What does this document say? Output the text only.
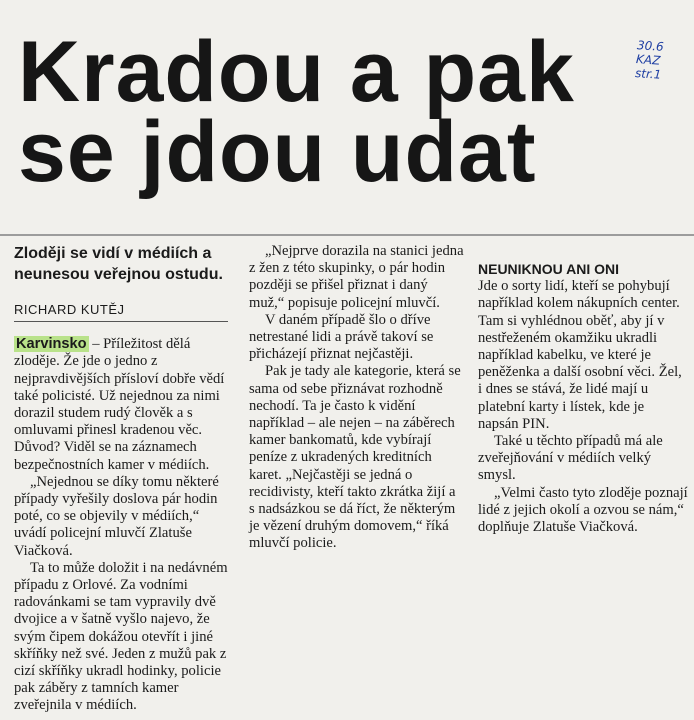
Kradou a pak
se jdou udat
30.6
KAZ
str.1

Zloději se vidí v médiích a neunesou veřejnou ostudu.

RICHARD KUTĚJ

Karvinsko – Příležitost dělá zloděje. Že jde o jedno z nejpravdivějších přísloví dobře vědí také policisté. Už nejednou za nimi dorazil studem rudý člověk a s omluvami přinesl kradenou věc. Důvod? Viděl se na záznamech bezpečnostních kamer v médiích.

„Nejednou se díky tomu některé případy vyřešily doslova pár hodin poté, co se objevily v médiích,“ uvádí policejní mluvčí Zlatuše Viačková.

Ta to může doložit i na nedávném případu z Orlové. Za vodními radovánkami se tam vypravily dvě dvojice a v šatně vyšlo najevo, že svým čipem dokážou otevřít i jiné skříňky než své. Jeden z mužů pak z cizí skříňky ukradl hodinky, policie pak záběry z tamních kamer zveřejnila v médiích.

„Nejprve dorazila na stanici jedna z žen z této skupinky, o pár hodin později se přišel přiznat i daný muž,“ popisuje policejní mluvčí.

V daném případě šlo o dříve netrestané lidi a právě takoví se přicházejí přiznat nejčastěji.

Pak je tady ale kategorie, která se sama od sebe přiznávat rozhodně nechodí. Ta je často k vidění například – ale nejen – na záběrech kamer bankomatů, kde vybírají peníze z ukradených kreditních karet. „Nejčastěji se jedná o recidivisty, kteří takto zkrátka žijí a s nadsázkou se dá říct, že některým je vězení druhým domovem,“ říká mluvčí policie.

NEUNIKNOU ANI ONI

Jde o sorty lidí, kteří se pohybují například kolem nákupních center. Tam si vyhlédnou oběť, aby jí v nestřeženém okamžiku ukradli například kabelku, ve které je peněženka a další osobní věci. Žel, i dnes se stává, že lidé mají u platební karty i lístek, kde je napsán PIN.

Také u těchto případů má ale zveřejňování v médiích velký smysl.

„Velmi často tyto zloděje poznají lidé z jejich okolí a ozvou se nám,“ doplňuje Zlatuše Viačková.
